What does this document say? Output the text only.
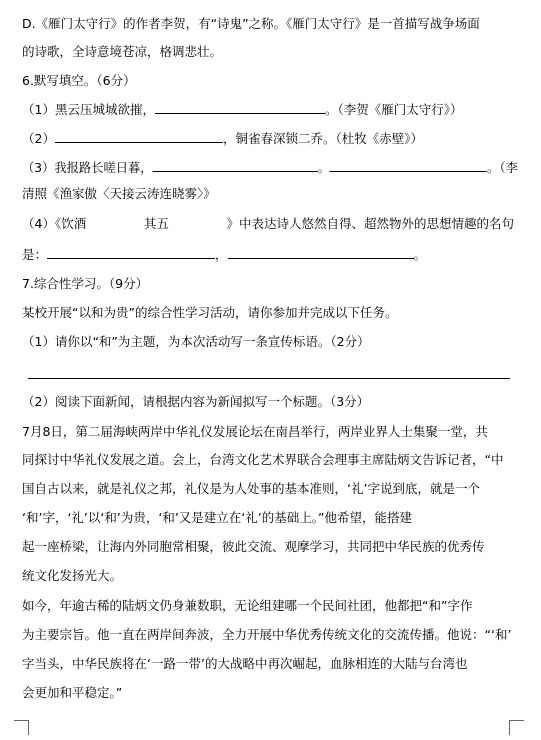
D.《雁门太守行》的作者李贺，有“诗鬼”之称。《雁门太守行》是一首描写战争场面
的诗歌，全诗意境苍凉，格调悲壮。
6.默写填空。（6分）
（1）黑云压城城欲摧，	。（李贺《雁门太守行》）
（2）	，铜雀春深锁二乔。（杜牧《赤壁》）
（3）我报路长嗟日暮，	。	。（李
清照《渔家傲〈天接云涛连晓雾〉》
（4）《饮酒	其五	》中表达诗人悠然自得、超然物外的思想情趣的名句
是：	，	。
7.综合性学习。（9分）
某校开展“以和为贵”的综合性学习活动，请你参加并完成以下任务。
（1）请你以“和”为主题，为本次活动写一条宣传标语。（2分）
（2）阅读下面新闻，请根据内容为新闻拟写一个标题。（3分）
7月8日，第二届海峡两岸中华礼仪发展论坛在南昌举行，两岸业界人士集聚一堂，共
同探讨中华礼仪发展之道。会上，台湾文化艺术界联合会理事主席陆炳文告诉记者，“中
国自古以来，就是礼仪之邦，礼仪是为人处事的基本准则，‘礼’字说到底，就是一个
‘和’字，‘礼’以‘和’为贵，‘和’又是建立在‘礼’的基础上。”他希望，能搭建
起一座桥梁，让海内外同胞常相聚，彼此交流、观摩学习，共同把中华民族的优秀传
统文化发扬光大。
如今，年逾古稀的陆炳文仍身兼数职，无论组建哪一个民间社团，他都把“和”字作
为主要宗旨。他一直在两岸间奔波，全力开展中华优秀传统文化的交流传播。他说：“‘和’
字当头，中华民族将在‘一路一带’的大战略中再次崛起，血脉相连的大陆与台湾也
会更加和平稳定。”
